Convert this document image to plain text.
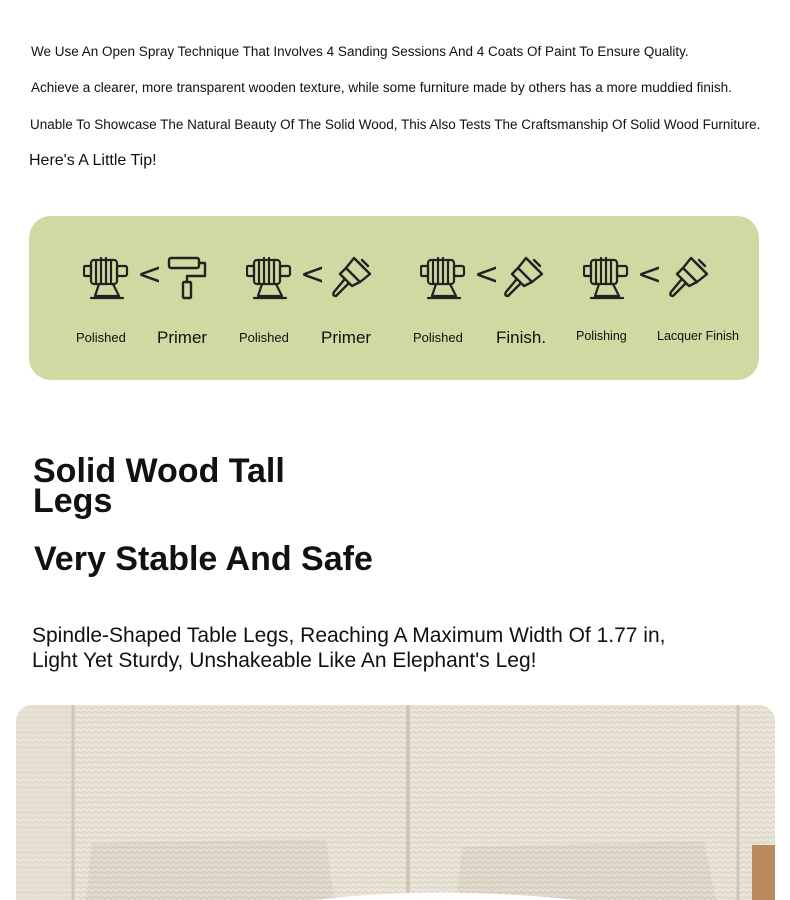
We Use An Open Spray Technique That Involves 4 Sanding Sessions And 4 Coats Of Paint To Ensure Quality.
Achieve a clearer, more transparent wooden texture, while some furniture made by others has a more muddied finish.
Unable To Showcase The Natural Beauty Of The Solid Wood, This Also Tests The Craftsmanship Of Solid Wood Furniture.
Here's A Little Tip!
<
Polished Primer
<
Polished Primer
<
Polished Finish.
<
Polishing Lacquer Finish
Solid Wood Tall Legs
Very Stable And Safe
Spindle-Shaped Table Legs, Reaching A Maximum Width Of 1.77 in, Light Yet Sturdy, Unshakeable Like An Elephant's Leg!
